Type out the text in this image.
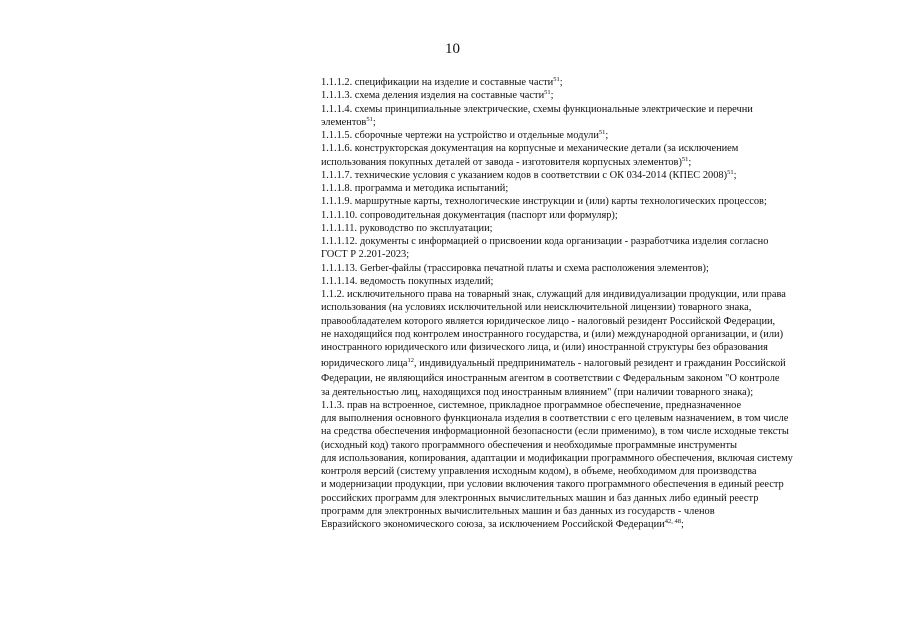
10
1.1.1.2. спецификации на изделие и составные части$^{51}$;
1.1.1.3. схема деления изделия на составные части$^{51}$;
1.1.1.4. схемы принципиальные электрические, схемы функциональные электрические и перечни
элементов$^{51}$;
1.1.1.5. сборочные чертежи на устройство и отдельные модули$^{51}$;
1.1.1.6. конструкторская документация на корпусные и механические детали (за исключением
использования покупных деталей от завода - изготовителя корпусных элементов)$^{51}$;
1.1.1.7. технические условия с указанием кодов в соответствии с ОК 034-2014 (КПЕС 2008)$^{51}$;
1.1.1.8. программа и методика испытаний;
1.1.1.9. маршрутные карты, технологические инструкции и (или) карты технологических процессов;
1.1.1.10. сопроводительная документация (паспорт или формуляр);
1.1.1.11. руководство по эксплуатации;
1.1.1.12. документы с информацией о присвоении кода организации - разработчика изделия согласно
ГОСТ Р 2.201-2023;
1.1.1.13. Gerber-файлы (трассировка печатной платы и схема расположения элементов);
1.1.1.14. ведомость покупных изделий;
1.1.2. исключительного права на товарный знак, служащий для индивидуализации продукции, или права
использования (на условиях исключительной или неисключительной лицензии) товарного знака,
правообладателем которого является юридическое лицо - налоговый резидент Российской Федерации,
не находящийся под контролем иностранного государства, и (или) международной организации, и (или)
иностранного юридического или физического лица, и (или) иностранной структуры без образования
юридического лица$^{12}$, индивидуальный предприниматель - налоговый резидент и гражданин Российской
Федерации, не являющийся иностранным агентом в соответствии с Федеральным законом "О контроле
за деятельностью лиц, находящихся под иностранным влиянием" (при наличии товарного знака);
1.1.3. прав на встроенное, системное, прикладное программное обеспечение, предназначенное
для выполнения основного функционала изделия в соответствии с его целевым назначением, в том числе
на средства обеспечения информационной безопасности (если применимо), в том числе исходные тексты
(исходный код) такого программного обеспечения и необходимые программные инструменты
для использования, копирования, адаптации и модификации программного обеспечения, включая систему
контроля версий (систему управления исходным кодом), в объеме, необходимом для производства
и модернизации продукции, при условии включения такого программного обеспечения в единый реестр
российских программ для электронных вычислительных машин и баз данных либо единый реестр
программ для электронных вычислительных машин и баз данных из государств - членов
Евразийского экономического союза, за исключением Российской Федерации$^{42, 48}$;
